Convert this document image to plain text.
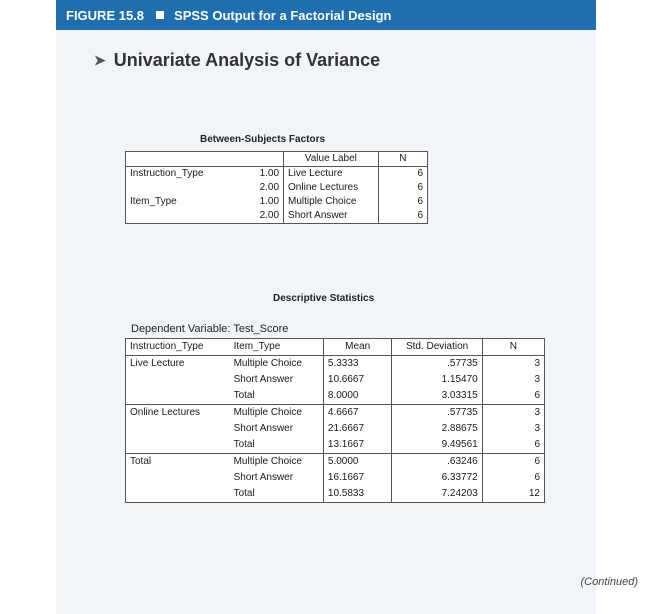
FIGURE 15.8 SPSS Output for a Factorial Design
➤ Univariate Analysis of Variance
Between-Subjects Factors
		Value Label	N
Instruction_Type	1.00	Live Lecture	6
	2.00	Online Lectures	6
Item_Type	1.00	Multiple Choice	6
	2.00	Short Answer	6
Descriptive Statistics
Dependent Variable: Test_Score
Instruction_Type	Item_Type	Mean	Std. Deviation	N
Live Lecture	Multiple Choice	5.3333	.57735	3
	Short Answer	10.6667	1.15470	3
	Total	8.0000	3.03315	6
Online Lectures	Multiple Choice	4.6667	.57735	3
	Short Answer	21.6667	2.88675	3
	Total	13.1667	9.49561	6
Total	Multiple Choice	5.0000	.63246	6
	Short Answer	16.1667	6.33772	6
	Total	10.5833	7.24203	12
(Continued)
